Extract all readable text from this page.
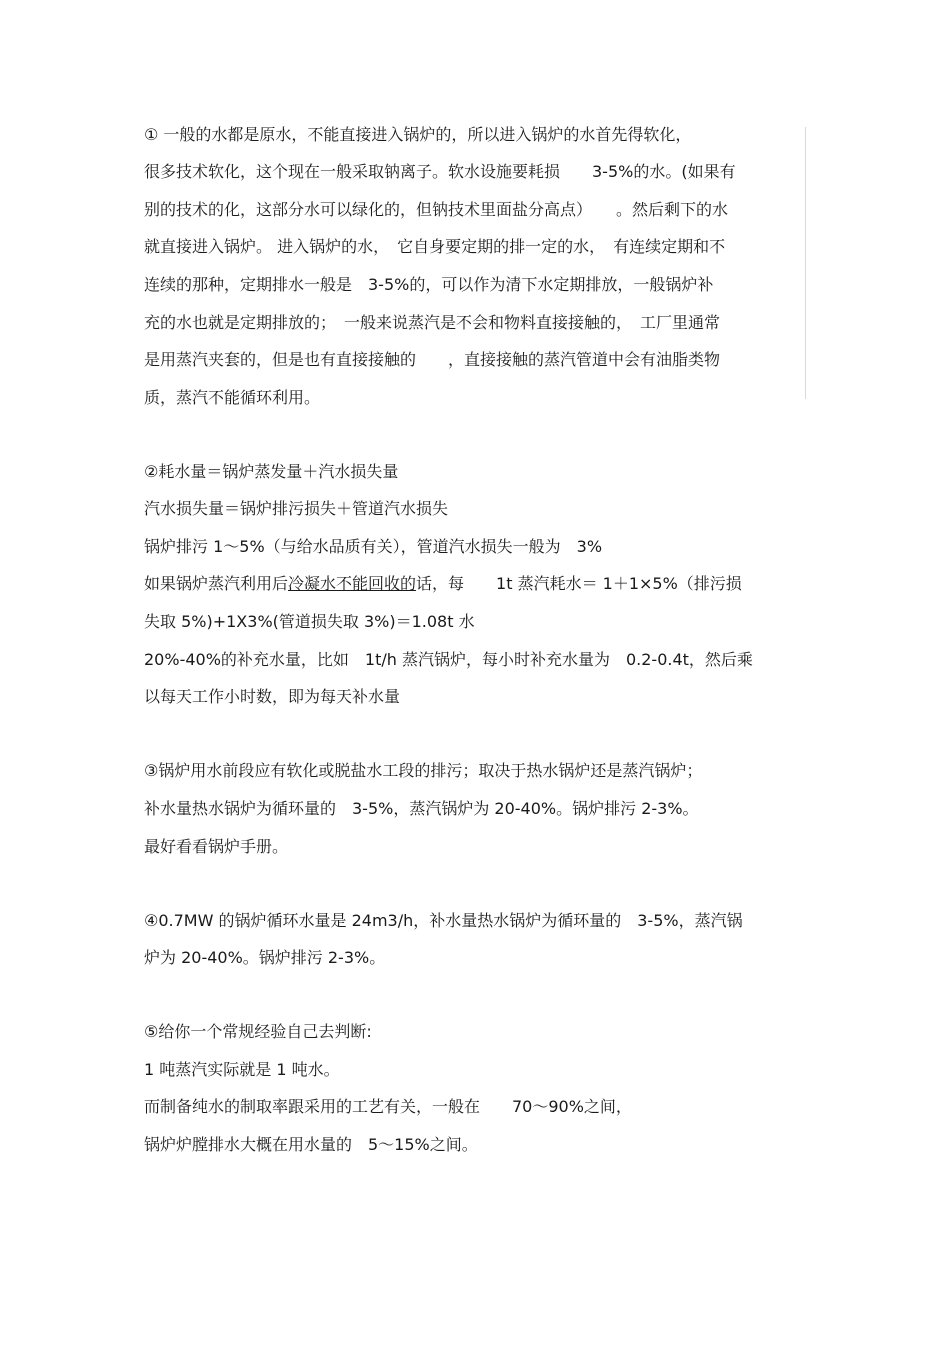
① 一般的水都是原水，不能直接进入锅炉的，所以进入锅炉的水首先得软化，

很多技术软化，这个现在一般采取钠离子。软水设施要耗损　　3-5%的水。(如果有

别的技术的化，这部分水可以绿化的，但钠技术里面盐分高点）　　。然后剩下的水

就直接进入锅炉。 进入锅炉的水，　它自身要定期的排一定的水，　有连续定期和不

连续的那种，定期排水一般是　3-5%的，可以作为清下水定期排放，一般锅炉补

充的水也就是定期排放的；　一般来说蒸汽是不会和物料直接接触的，　工厂里通常

是用蒸汽夹套的，但是也有直接接触的　　，直接接触的蒸汽管道中会有油脂类物

质，蒸汽不能循环利用。

②耗水量＝锅炉蒸发量＋汽水损失量

汽水损失量＝锅炉排污损失＋管道汽水损失

锅炉排污 1～5%（与给水品质有关），管道汽水损失一般为　3%

如果锅炉蒸汽利用后冷凝水不能回收的话，每　　1t 蒸汽耗水＝ 1＋1×5%（排污损

失取 5%)+1X3%(管道损失取 3%)＝1.08t 水

20%-40%的补充水量，比如　1t/h 蒸汽锅炉，每小时补充水量为　0.2-0.4t，然后乘

以每天工作小时数，即为每天补水量

③锅炉用水前段应有软化或脱盐水工段的排污；取决于热水锅炉还是蒸汽锅炉；

补水量热水锅炉为循环量的　3-5%，蒸汽锅炉为 20-40%。锅炉排污 2-3%。

最好看看锅炉手册。

④0.7MW 的锅炉循环水量是 24m3/h，补水量热水锅炉为循环量的　3-5%，蒸汽锅

炉为 20-40%。锅炉排污 2-3%。

⑤给你一个常规经验自己去判断:

1 吨蒸汽实际就是 1 吨水。

而制备纯水的制取率跟采用的工艺有关，一般在　　70～90%之间，

锅炉炉膛排水大概在用水量的　5～15%之间。
